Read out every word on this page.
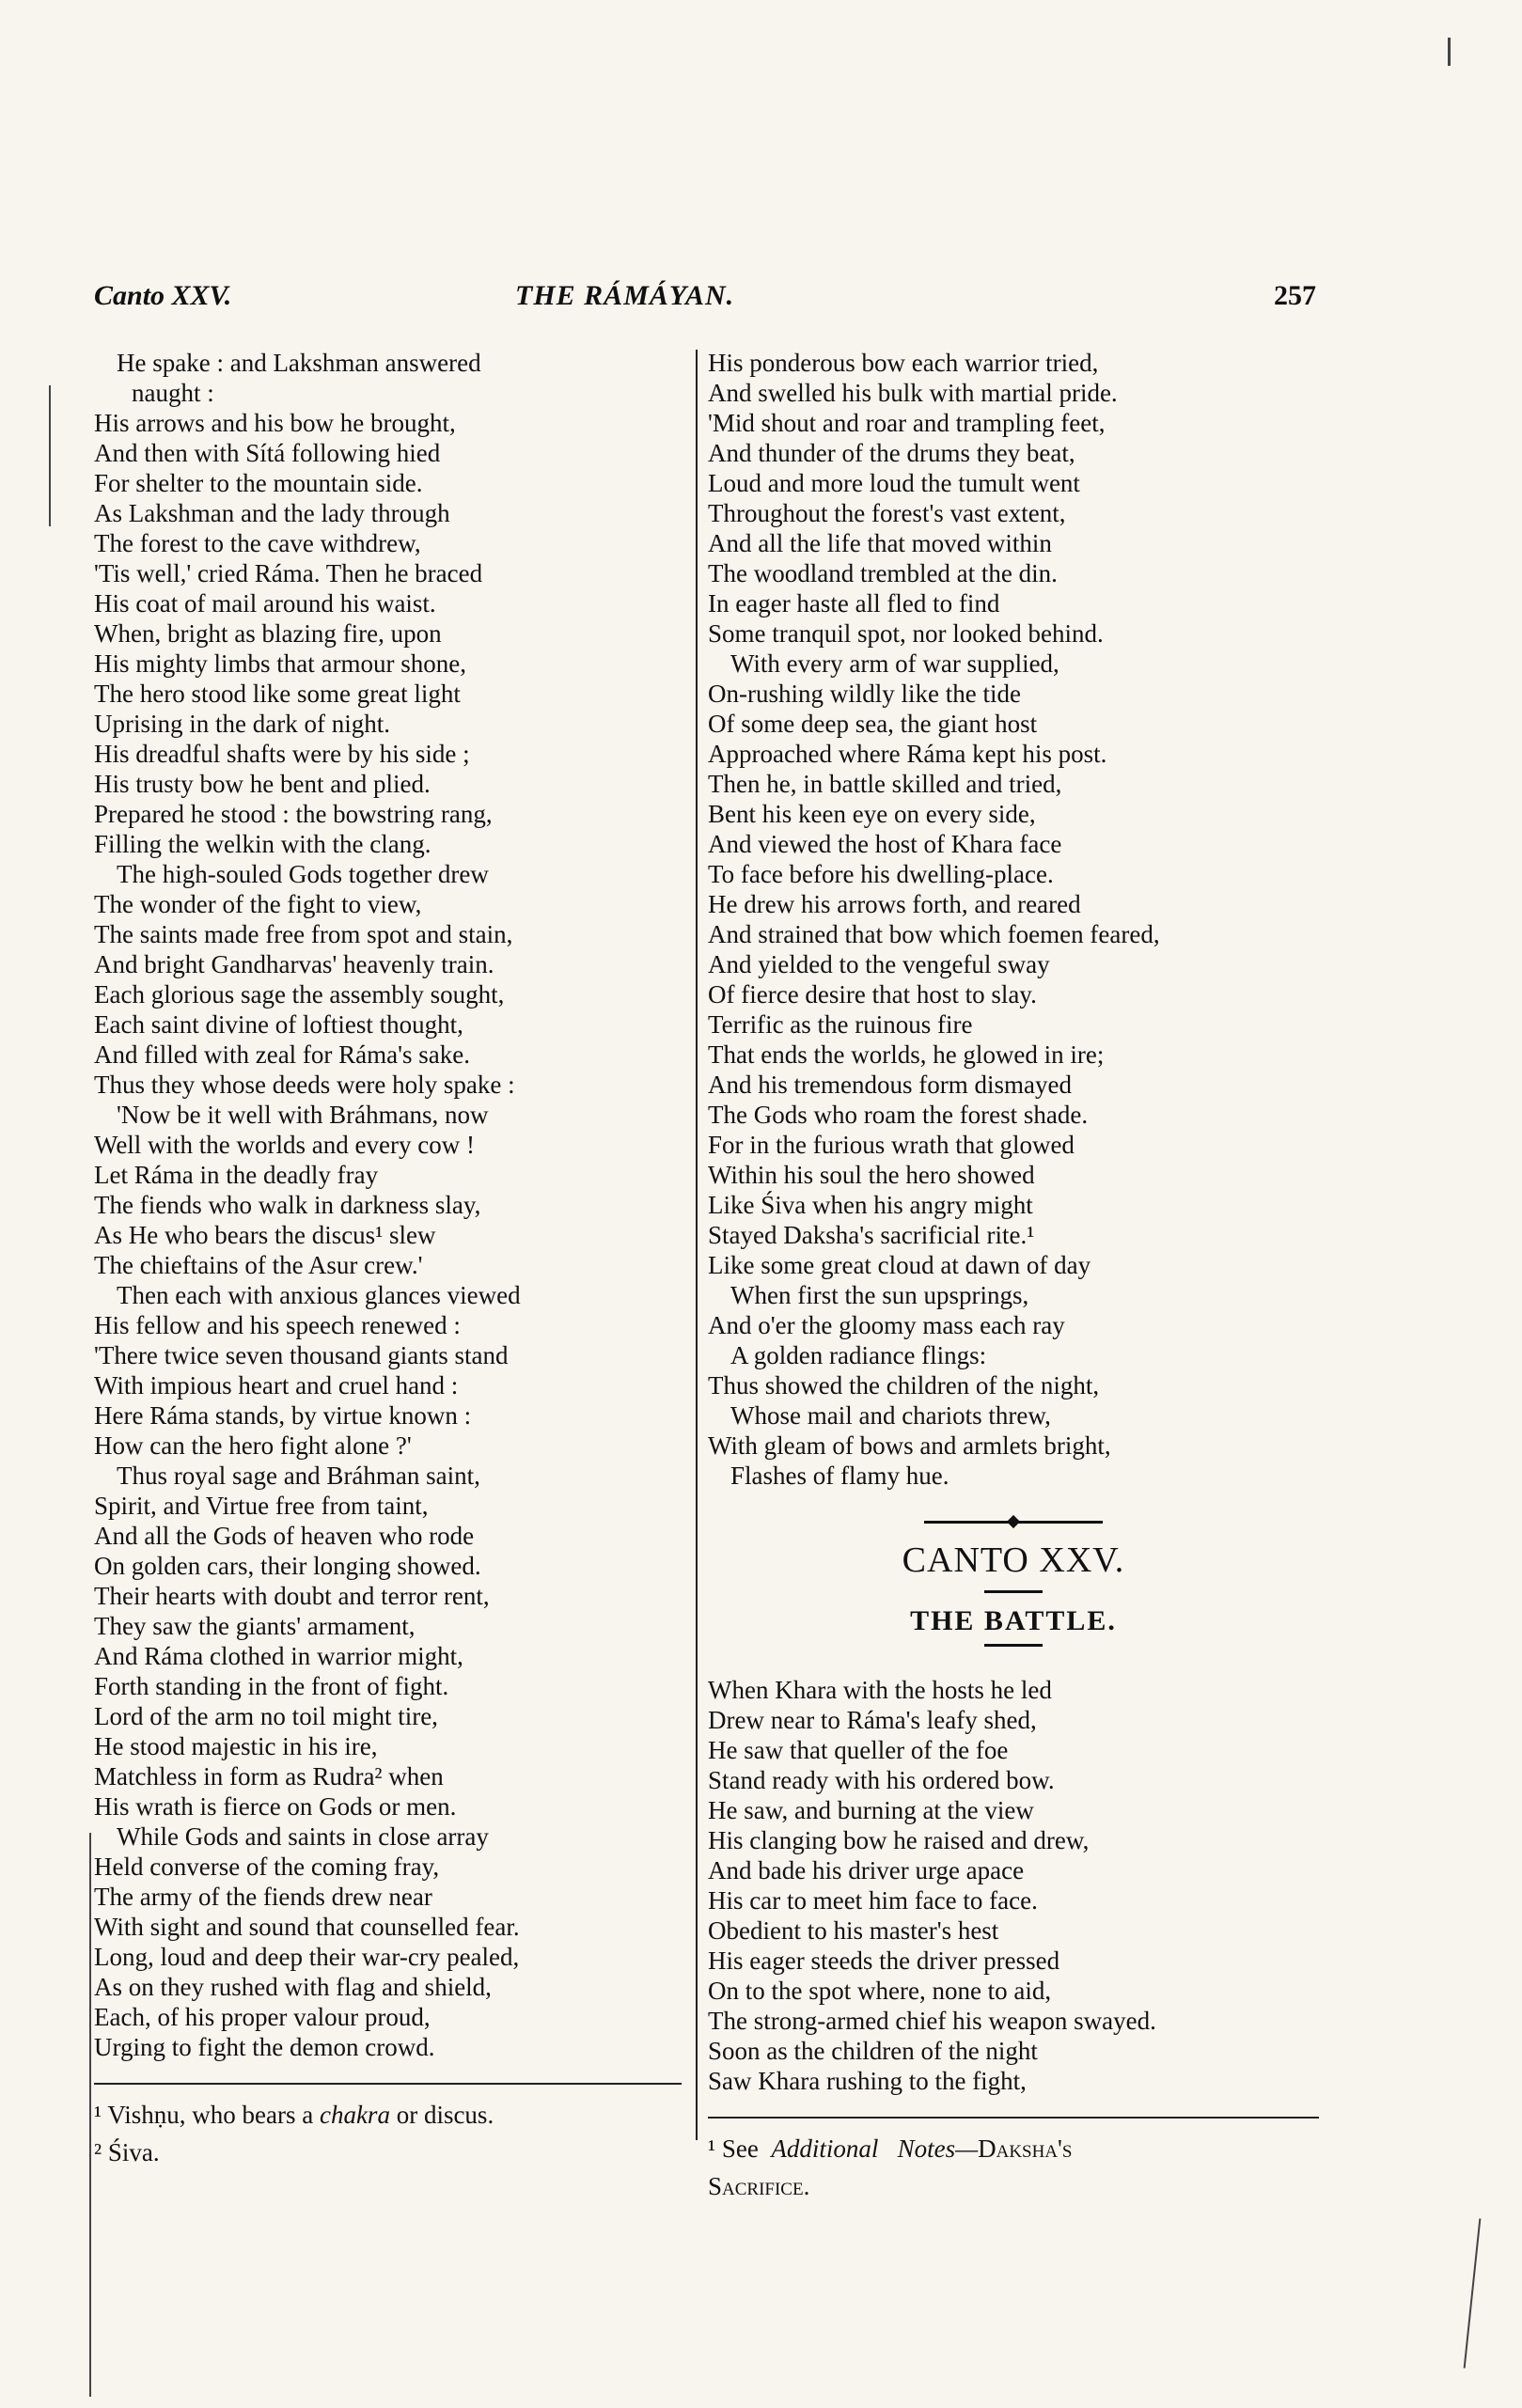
Canto XXV.	THE RÁMÁYAN.	257
He spake : and Lakshman answered
naught :
His arrows and his bow he brought,
And then with Sítá following hied
For shelter to the mountain side.
As Lakshman and the lady through
The forest to the cave withdrew,
'Tis well,' cried Ráma. Then he braced
His coat of mail around his waist.
When, bright as blazing fire, upon
His mighty limbs that armour shone,
The hero stood like some great light
Uprising in the dark of night.
His dreadful shafts were by his side ;
His trusty bow he bent and plied.
Prepared he stood : the bowstring rang,
Filling the welkin with the clang.
The high-souled Gods together drew
The wonder of the fight to view,
The saints made free from spot and stain,
And bright Gandharvas' heavenly train.
Each glorious sage the assembly sought,
Each saint divine of loftiest thought,
And filled with zeal for Ráma's sake.
Thus they whose deeds were holy spake :
'Now be it well with Bráhmans, now
Well with the worlds and every cow !
Let Ráma in the deadly fray
The fiends who walk in darkness slay,
As He who bears the discus¹ slew
The chieftains of the Asur crew.'
Then each with anxious glances viewed
His fellow and his speech renewed :
'There twice seven thousand giants stand
With impious heart and cruel hand :
Here Ráma stands, by virtue known :
How can the hero fight alone ?'
Thus royal sage and Bráhman saint,
Spirit, and Virtue free from taint,
And all the Gods of heaven who rode
On golden cars, their longing showed.
Their hearts with doubt and terror rent,
They saw the giants' armament,
And Ráma clothed in warrior might,
Forth standing in the front of fight.
Lord of the arm no toil might tire,
He stood majestic in his ire,
Matchless in form as Rudra² when
His wrath is fierce on Gods or men.
While Gods and saints in close array
Held converse of the coming fray,
The army of the fiends drew near
With sight and sound that counselled fear.
Long, loud and deep their war-cry pealed,
As on they rushed with flag and shield,
Each, of his proper valour proud,
Urging to fight the demon crowd.
¹ Vishṇu, who bears a chakra or discus.
² Śiva.
His ponderous bow each warrior tried,
And swelled his bulk with martial pride.
'Mid shout and roar and trampling feet,
And thunder of the drums they beat,
Loud and more loud the tumult went
Throughout the forest's vast extent,
And all the life that moved within
The woodland trembled at the din.
In eager haste all fled to find
Some tranquil spot, nor looked behind.
With every arm of war supplied,
On-rushing wildly like the tide
Of some deep sea, the giant host
Approached where Ráma kept his post.
Then he, in battle skilled and tried,
Bent his keen eye on every side,
And viewed the host of Khara face
To face before his dwelling-place.
He drew his arrows forth, and reared
And strained that bow which foemen feared,
And yielded to the vengeful sway
Of fierce desire that host to slay.
Terrific as the ruinous fire
That ends the worlds, he glowed in ire;
And his tremendous form dismayed
The Gods who roam the forest shade.
For in the furious wrath that glowed
Within his soul the hero showed
Like Śiva when his angry might
Stayed Daksha's sacrificial rite.¹
Like some great cloud at dawn of day
When first the sun upsprings,
And o'er the gloomy mass each ray
A golden radiance flings:
Thus showed the children of the night,
Whose mail and chariots threw,
With gleam of bows and armlets bright,
Flashes of flamy hue.
CANTO XXV.
THE BATTLE.
When Khara with the hosts he led
Drew near to Ráma's leafy shed,
He saw that queller of the foe
Stand ready with his ordered bow.
He saw, and burning at the view
His clanging bow he raised and drew,
And bade his driver urge apace
His car to meet him face to face.
Obedient to his master's hest
His eager steeds the driver pressed
On to the spot where, none to aid,
The strong-armed chief his weapon swayed.
Soon as the children of the night
Saw Khara rushing to the fight,
¹ See Additional Notes—Daksha's
Sacrifice.
